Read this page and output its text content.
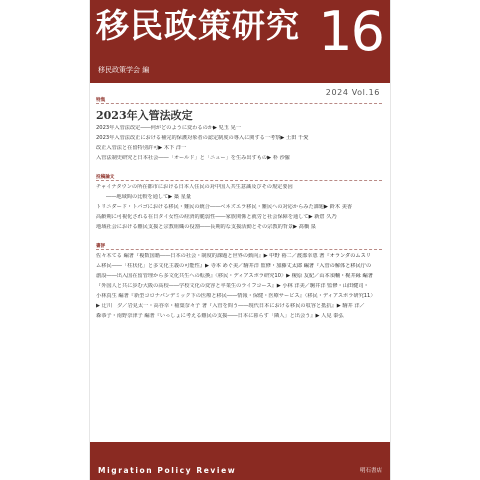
移民政策研究
移民政策学会 編
16
2024 Vol.16
特集
2023年入管法改定
2023年入管法改定――何がどのように変わるのか▶ 児玉 晃一
2023年入管法改正における補完的保護対象者の認定制度の導入に関する一考察▶ 土田 千愛
改正入管法と在留特別許可▶ 木下 洋一
入管法制史研究と日本社会――「オールド」と「ニュー」を生み出すもの▶ 朴 沙羅
投稿論文
チャイナタウンの所在都市における日本人住民の対中国人共生意識及びその規定要因
――地域間の比較を通して▶ 築 星量
トリニダード・トバゴにおける移民・難民の統合――ベネズエラ移民・難民への対応からみた課題▶ 鈴木 美香
高齢期に可視化される在日タイ女性の経済的脆弱性――家族関係と就労と社会保障を通して▶ 新倉 久乃
地域社会における難民支援と宗教組織の役割――長期的な支援活動とその宗教的背景▶ 髙橋 泉
書評
佐々木てる 編著『複数国籍――日本の社会・制度的課題と世界の動向』▶ 中野 裕二／渡部幸恵 著『オランダのムスリ
ム移民――「柱状化」と多文化主義の可能性』▶ 寺本 めぐ美／駒井洋 監修・加藤丈太郎 編著『入管の解体と移民庁の
創設――出入国在留管理から多文化共生への転換』〈移民・ディアスポラ研究10〉▶ 榎原 友紀／山本須輔・梶井縁 編著
『外国人と共に歩む大阪の高校――学校文化の変容と卒業生のライフコース』▶ 小林 洋美／駒井洋 監修・山田健司・
小林真生 編著『新型コロナパンデミック下の医療と移民――情報・保健・医療サービス』〈移民・ディアスポラ研究11〉
▶ 辻川　夕／岩見太一・高谷幸・稲葉奈々子 著『入管を問う――現代日本における移民の収容と抵抗』▶ 駒井 洋／
森恭子・南野奈津子 編著『いっしょに考える難民の支援――日本に暮らす「隣人」と出会う』▶ 人見 泰弘
Migration Policy Review	明石書店
